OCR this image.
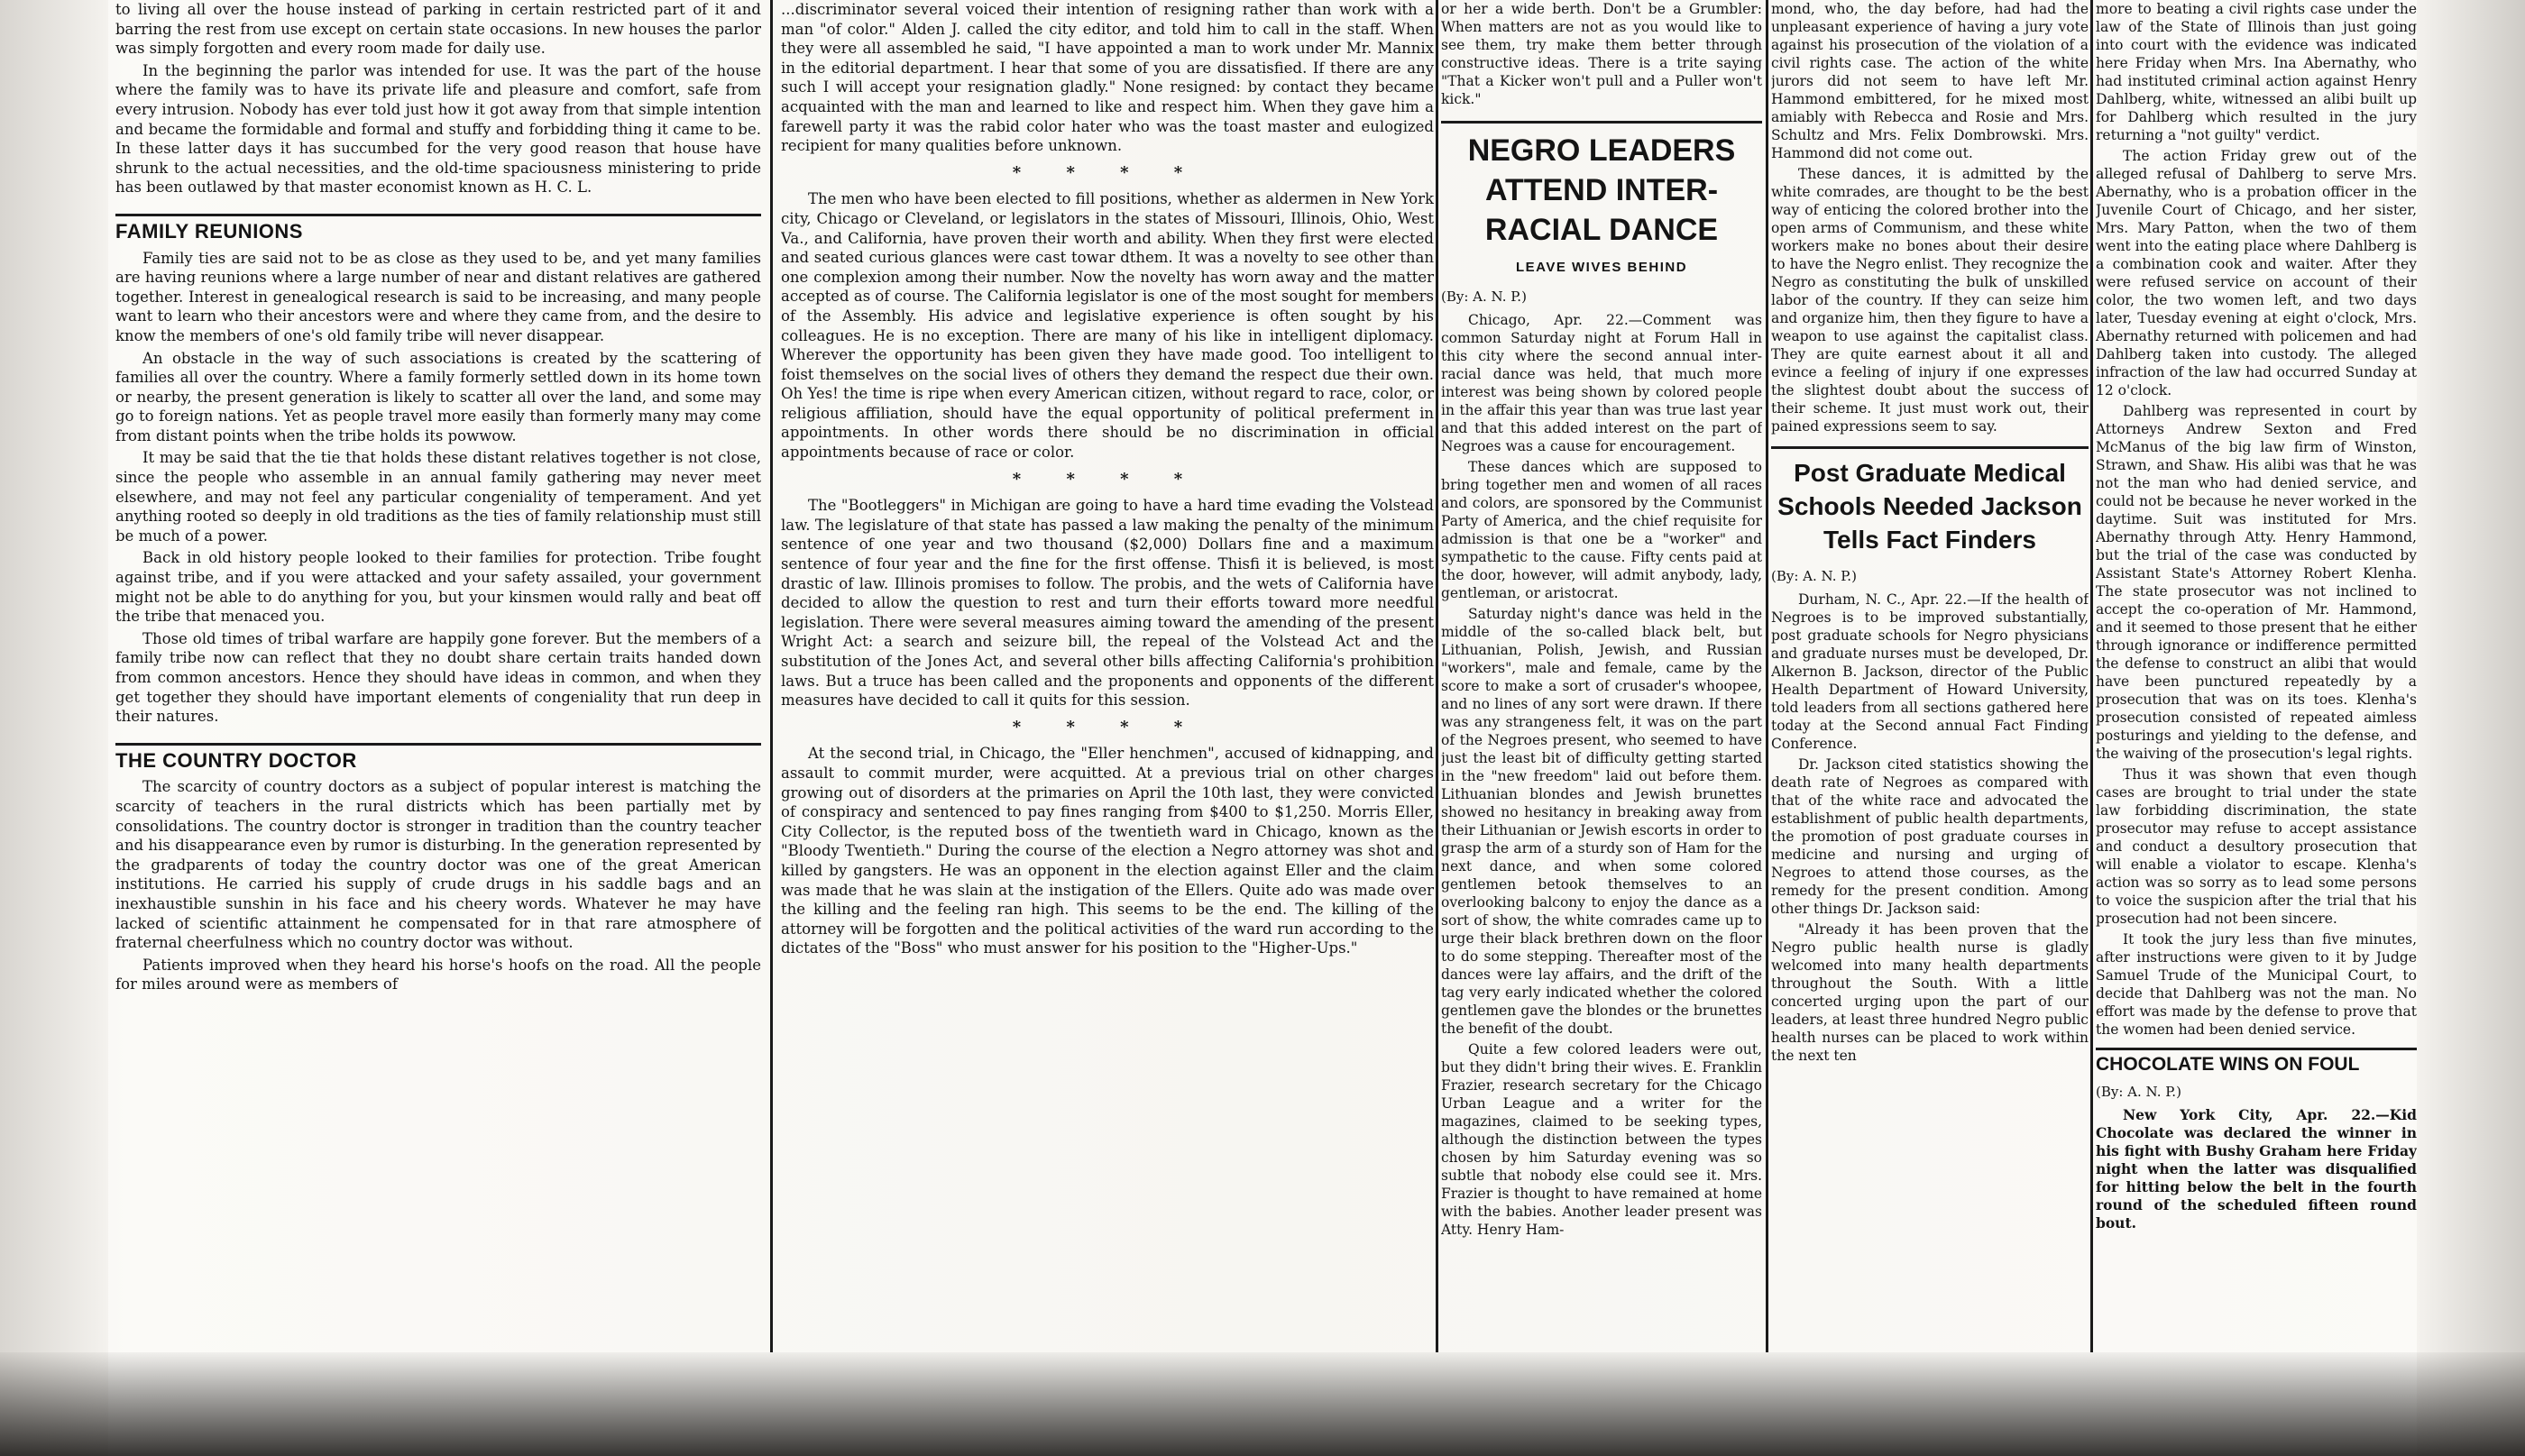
to living all over the house instead of parking in certain restricted part of it and barring the rest from use except on certain state occasions. In new houses the parlor was simply forgotten and every room made for daily use.

In the beginning the parlor was intended for use. It was the part of the house where the family was to have its private life and pleasure and comfort, safe from every intrusion. Nobody has ever told just how it got away from that simple intention and became the formidable and formal and stuffy and forbidding thing it came to be. In these latter days it has succumbed for the very good reason that house have shrunk to the actual necessities, and the old-time spaciousness ministering to pride has been outlawed by that master economist known as H. C. L.

FAMILY REUNIONS

Family ties are said not to be as close as they used to be, and yet many families are having reunions where a large number of near and distant relatives are gathered together. Interest in genealogical research is said to be increasing, and many people want to learn who their ancestors were and where they came from, and the desire to know the members of one's old family tribe will never disappear.

An obstacle in the way of such associations is created by the scattering of families all over the country. Where a family formerly settled down in its home town or nearby, the present generation is likely to scatter all over the land, and some may go to foreign nations. Yet as people travel more easily than formerly many may come from distant points when the tribe holds its powwow.

It may be said that the tie that holds these distant relatives together is not close, since the people who assemble in an annual family gathering may never meet elsewhere, and may not feel any particular congeniality of temperament. And yet anything rooted so deeply in old traditions as the ties of family relationship must still be much of a power.

Back in old history people looked to their families for protection. Tribe fought against tribe, and if you were attacked and your safety assailed, your government might not be able to do anything for you, but your kinsmen would rally and beat off the tribe that menaced you.

Those old times of tribal warfare are happily gone forever. But the members of a family tribe now can reflect that they no doubt share certain traits handed down from common ancestors. Hence they should have ideas in common, and when they get together they should have important elements of congeniality that run deep in their natures.

THE COUNTRY DOCTOR

The scarcity of country doctors as a subject of popular interest is matching the scarcity of teachers in the rural districts which has been partially met by consolidations. The country doctor is stronger in tradition than the country teacher and his disappearance even by rumor is disturbing. In the generation represented by the gradparents of today the country doctor was one of the great American institutions. He carried his supply of crude drugs in his saddle bags and an inexhaustible sunshin in his face and his cheery words. Whatever he may have lacked of scientific attainment he compensated for in that rare atmosphere of fraternal cheerfulness which no country doctor was without.

Patients improved when they heard his horse's hoofs on the road. All the people for miles around were as members of

...discriminator several voiced their intention of resigning rather than work with a man "of color." Alden J. called the city editor, and told him to call in the staff. When they were all assembled he said, "I have appointed a man to work under Mr. Mannix in the editorial department. I hear that some of you are dissatisfied. If there are any such I will accept your resignation gladly." None resigned: by contact they became acquainted with the man and learned to like and respect him. When they gave him a farewell party it was the rabid color hater who was the toast master and eulogized recipient for many qualities before unknown.

* * * *

The men who have been elected to fill positions, whether as aldermen in New York city, Chicago or Cleveland, or legislators in the states of Missouri, Illinois, Ohio, West Va., and California, have proven their worth and ability. When they first were elected and seated curious glances were cast towar dthem. It was a novelty to see other than one complexion among their number. Now the novelty has worn away and the matter accepted as of course. The California legislator is one of the most sought for members of the Assembly. His advice and legislative experience is often sought by his colleagues. He is no exception. There are many of his like in intelligent diplomacy. Wherever the opportunity has been given they have made good. Too intelligent to foist themselves on the social lives of others they demand the respect due their own. Oh Yes! the time is ripe when every American citizen, without regard to race, color, or religious affiliation, should have the equal opportunity of political preferment in appointments. In other words there should be no discrimination in official appointments because of race or color.

* * * *

The "Bootleggers" in Michigan are going to have a hard time evading the Volstead law. The legislature of that state has passed a law making the penalty of the minimum sentence of one year and two thousand ($2,000) Dollars fine and a maximum sentence of four year and the fine for the first offense. Thisfi it is believed, is most drastic of law. Illinois promises to follow. The probis, and the wets of California have decided to allow the question to rest and turn their efforts toward more needful legislation. There were several measures aiming toward the amending of the present Wright Act: a search and seizure bill, the repeal of the Volstead Act and the substitution of the Jones Act, and several other bills affecting California's prohibition laws. But a truce has been called and the proponents and opponents of the different measures have decided to call it quits for this session.

* * * *

At the second trial, in Chicago, the "Eller henchmen", accused of kidnapping, and assault to commit murder, were acquitted. At a previous trial on other charges growing out of disorders at the primaries on April the 10th last, they were convicted of conspiracy and sentenced to pay fines ranging from $400 to $1,250. Morris Eller, City Collector, is the reputed boss of the twentieth ward in Chicago, known as the "Bloody Twentieth." During the course of the election a Negro attorney was shot and killed by gangsters. He was an opponent in the election against Eller and the claim was made that he was slain at the instigation of the Ellers. Quite ado was made over the killing and the feeling ran high. This seems to be the end. The killing of the attorney will be forgotten and the political activities of the ward run according to the dictates of the "Boss" who must answer for his position to the "Higher-Ups."

or her a wide berth. Don't be a Grumbler: When matters are not as you would like to see them, try make them better through constructive ideas. There is a trite saying "That a Kicker won't pull and a Puller won't kick."

NEGRO LEADERS ATTEND INTER-RACIAL DANCE
LEAVE WIVES BEHIND
(By: A. N. P.)

Chicago, Apr. 22.—Comment was common Saturday night at Forum Hall in this city where the second annual inter-racial dance was held, that much more interest was being shown by colored people in the affair this year than was true last year and that this added interest on the part of Negroes was a cause for encouragement.

These dances which are supposed to bring together men and women of all races and colors, are sponsored by the Communist Party of America, and the chief requisite for admission is that one be a "worker" and sympathetic to the cause. Fifty cents paid at the door, however, will admit anybody, lady, gentleman, or aristocrat.

Saturday night's dance was held in the middle of the so-called black belt, but Lithuanian, Polish, Jewish, and Russian "workers", male and female, came by the score to make a sort of crusader's whoopee, and no lines of any sort were drawn. If there was any strangeness felt, it was on the part of the Negroes present, who seemed to have just the least bit of difficulty getting started in the "new freedom" laid out before them. Lithuanian blondes and Jewish brunettes showed no hesitancy in breaking away from their Lithuanian or Jewish escorts in order to grasp the arm of a sturdy son of Ham for the next dance, and when some colored gentlemen betook themselves to an overlooking balcony to enjoy the dance as a sort of show, the white comrades came up to urge their black brethren down on the floor to do some stepping. Thereafter most of the dances were lay affairs, and the drift of the tag very early indicated whether the colored gentlemen gave the blondes or the brunettes the benefit of the doubt.

Quite a few colored leaders were out, but they didn't bring their wives. E. Franklin Frazier, research secretary for the Chicago Urban League and a writer for the magazines, claimed to be seeking types, although the distinction between the types chosen by him Saturday evening was so subtle that nobody else could see it. Mrs. Frazier is thought to have remained at home with the babies. Another leader present was Atty. Henry Ham-

mond, who, the day before, had had the unpleasant experience of having a jury vote against his prosecution of the violation of a civil rights case. The action of the white jurors did not seem to have left Mr. Hammond embittered, for he mixed most amiably with Rebecca and Rosie and Mrs. Schultz and Mrs. Felix Dombrowski. Mrs. Hammond did not come out.

These dances, it is admitted by the white comrades, are thought to be the best way of enticing the colored brother into the open arms of Communism, and these white workers make no bones about their desire to have the Negro enlist. They recognize the Negro as constituting the bulk of unskilled labor of the country. If they can seize him and organize him, then they figure to have a weapon to use against the capitalist class. They are quite earnest about it all and evince a feeling of injury if one expresses the slightest doubt about the success of their scheme. It just must work out, their pained expressions seem to say.

Post Graduate Medical Schools Needed Jackson Tells Fact Finders
(By: A. N. P.)

Durham, N. C., Apr. 22.—If the health of Negroes is to be improved substantially, post graduate schools for Negro physicians and graduate nurses must be developed, Dr. Alkernon B. Jackson, director of the Public Health Department of Howard University, told leaders from all sections gathered here today at the Second annual Fact Finding Conference.

Dr. Jackson cited statistics showing the death rate of Negroes as compared with that of the white race and advocated the establishment of public health departments, the promotion of post graduate courses in medicine and nursing and urging of Negroes to attend those courses, as the remedy for the present condition. Among other things Dr. Jackson said:

"Already it has been proven that the Negro public health nurse is gladly welcomed into many health departments throughout the South. With a little concerted urging upon the part of our leaders, at least three hundred Negro public health nurses can be placed to work within the next ten

more to beating a civil rights case under the law of the State of Illinois than just going into court with the evidence was indicated here Friday when Mrs. Ina Abernathy, who had instituted criminal action against Henry Dahlberg, white, witnessed an alibi built up for Dahlberg which resulted in the jury returning a "not guilty" verdict.

The action Friday grew out of the alleged refusal of Dahlberg to serve Mrs. Abernathy, who is a probation officer in the Juvenile Court of Chicago, and her sister, Mrs. Mary Patton, when the two of them went into the eating place where Dahlberg is a combination cook and waiter. After they were refused service on account of their color, the two women left, and two days later, Tuesday evening at eight o'clock, Mrs. Abernathy returned with policemen and had Dahlberg taken into custody. The alleged infraction of the law had occurred Sunday at 12 o'clock.

Dahlberg was represented in court by Attorneys Andrew Sexton and Fred McManus of the big law firm of Winston, Strawn, and Shaw. His alibi was that he was not the man who had denied service, and could not be because he never worked in the daytime. Suit was instituted for Mrs. Abernathy through Atty. Henry Hammond, but the trial of the case was conducted by Assistant State's Attorney Robert Klenha. The state prosecutor was not inclined to accept the co-operation of Mr. Hammond, and it seemed to those present that he either through ignorance or indifference permitted the defense to construct an alibi that would have been punctured repeatedly by a prosecution that was on its toes. Klenha's prosecution consisted of repeated aimless posturings and yielding to the defense, and the waiving of the prosecution's legal rights.

Thus it was shown that even though cases are brought to trial under the state law forbidding discrimination, the state prosecutor may refuse to accept assistance and conduct a desultory prosecution that will enable a violator to escape. Klenha's action was so sorry as to lead some persons to voice the suspicion after the trial that his prosecution had not been sincere.

It took the jury less than five minutes, after instructions were given to it by Judge Samuel Trude of the Municipal Court, to decide that Dahlberg was not the man. No effort was made by the defense to prove that the women had been denied service.

CHOCOLATE WINS ON FOUL
(By: A. N. P.)

New York City, Apr. 22.—Kid Chocolate was declared the winner in his fight with Bushy Graham here Friday night when the latter was disqualified for hitting below the belt in the fourth round of the scheduled fifteen round bout.
